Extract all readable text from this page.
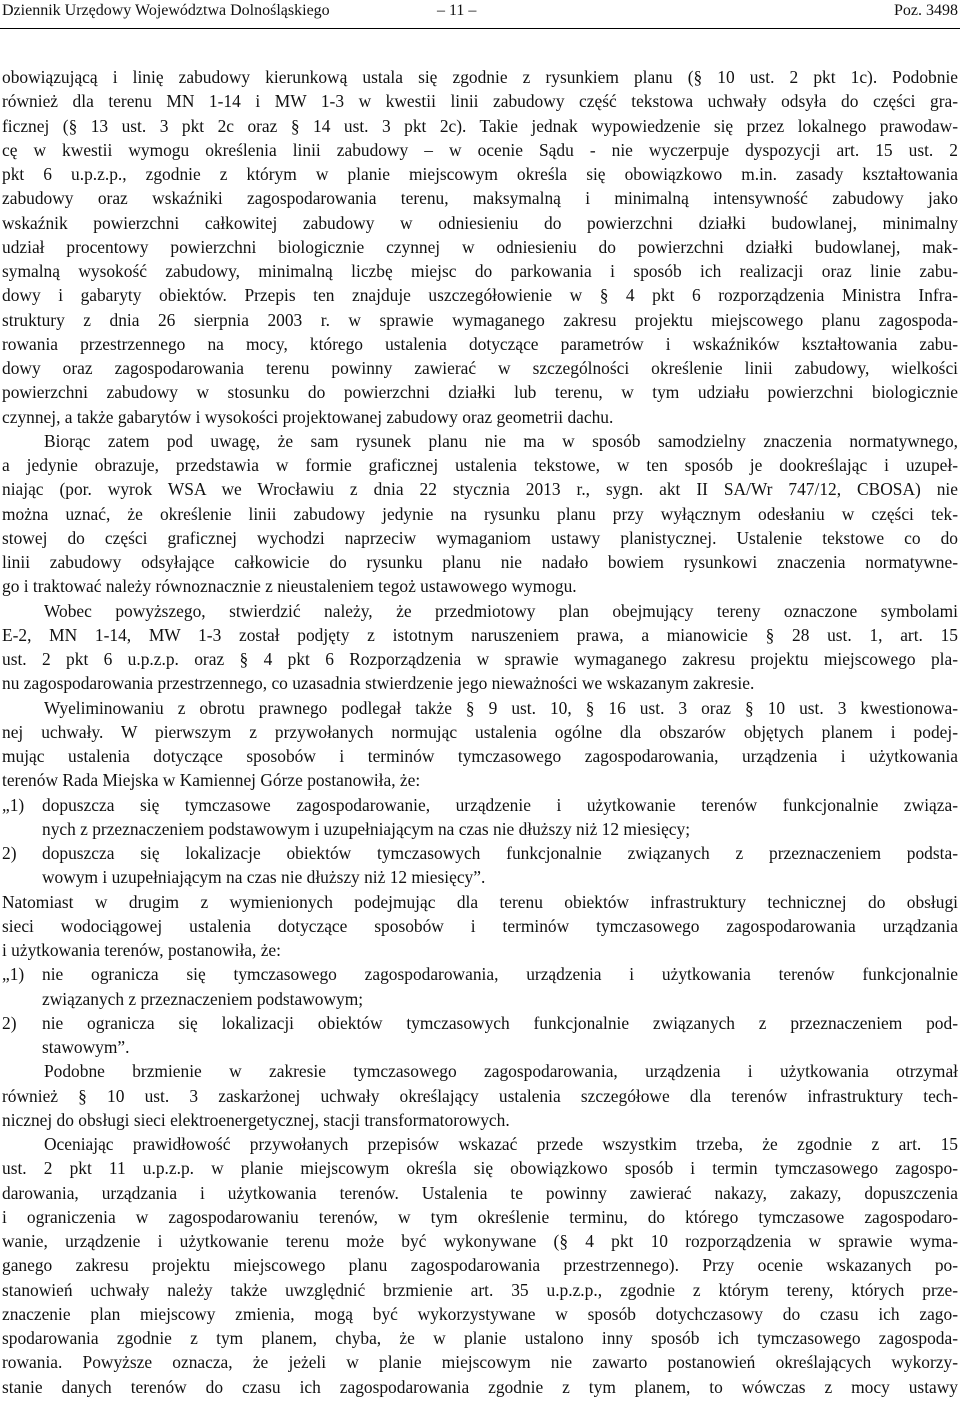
Dziennik Urzędowy Województwa Dolnośląskiego	– 11 –	Poz. 3498

obowiązującą i linię zabudowy kierunkową ustala się zgodnie z rysunkiem planu (§ 10 ust. 2 pkt 1c). Podobnie

również dla terenu MN 1-14 i MW 1-3 w kwestii linii zabudowy część tekstowa uchwały odsyła do części gra-

ficznej (§ 13 ust. 3 pkt 2c oraz § 14 ust. 3 pkt 2c). Takie jednak wypowiedzenie się przez lokalnego prawodaw-

cę w kwestii wymogu określenia linii zabudowy – w ocenie Sądu - nie wyczerpuje dyspozycji art. 15 ust. 2

pkt 6 u.p.z.p., zgodnie z którym w planie miejscowym określa się obowiązkowo m.in. zasady kształtowania

zabudowy oraz wskaźniki zagospodarowania terenu, maksymalną i minimalną intensywność zabudowy jako

wskaźnik powierzchni całkowitej zabudowy w odniesieniu do powierzchni działki budowlanej, minimalny

udział procentowy powierzchni biologicznie czynnej w odniesieniu do powierzchni działki budowlanej, mak-

symalną wysokość zabudowy, minimalną liczbę miejsc do parkowania i sposób ich realizacji oraz linie zabu-

dowy i gabaryty obiektów. Przepis ten znajduje uszczegółowienie w § 4 pkt 6 rozporządzenia Ministra Infra-

struktury z dnia 26 sierpnia 2003 r. w sprawie wymaganego zakresu projektu miejscowego planu zagospoda-

rowania przestrzennego na mocy, którego ustalenia dotyczące parametrów i wskaźników kształtowania zabu-

dowy oraz zagospodarowania terenu powinny zawierać w szczególności określenie linii zabudowy, wielkości

powierzchni zabudowy w stosunku do powierzchni działki lub terenu, w tym udziału powierzchni biologicznie

czynnej, a także gabarytów i wysokości projektowanej zabudowy oraz geometrii dachu.

Biorąc zatem pod uwagę, że sam rysunek planu nie ma w sposób samodzielny znaczenia normatywnego,

a jedynie obrazuje, przedstawia w formie graficznej ustalenia tekstowe, w ten sposób je dookreślając i uzupeł-

niając (por. wyrok WSA we Wrocławiu z dnia 22 stycznia 2013 r., sygn. akt II SA/Wr 747/12, CBOSA) nie

można uznać, że określenie linii zabudowy jedynie na rysunku planu przy wyłącznym odesłaniu w części tek-

stowej do części graficznej wychodzi naprzeciw wymaganiom ustawy planistycznej. Ustalenie tekstowe co do

linii zabudowy odsyłające całkowicie do rysunku planu nie nadało bowiem rysunkowi znaczenia normatywne-

go i traktować należy równoznacznie z nieustaleniem tegoż ustawowego wymogu.

Wobec powyższego, stwierdzić należy, że przedmiotowy plan obejmujący tereny oznaczone symbolami

E-2, MN 1-14, MW 1-3 został podjęty z istotnym naruszeniem prawa, a mianowicie § 28 ust. 1, art. 15

ust. 2 pkt 6 u.p.z.p. oraz § 4 pkt 6 Rozporządzenia w sprawie wymaganego zakresu projektu miejscowego pla-

nu zagospodarowania przestrzennego, co uzasadnia stwierdzenie jego nieważności we wskazanym zakresie.

Wyeliminowaniu z obrotu prawnego podlegał także § 9 ust. 10, § 16 ust. 3 oraz § 10 ust. 3 kwestionowa-

nej uchwały. W pierwszym z przywołanych normując ustalenia ogólne dla obszarów objętych planem i podej-

mując ustalenia dotyczące sposobów i terminów tymczasowego zagospodarowania, urządzenia i użytkowania

terenów Rada Miejska w Kamiennej Górze postanowiła, że:

„1) dopuszcza się tymczasowe zagospodarowanie, urządzenie i użytkowanie terenów funkcjonalnie związa-

nych z przeznaczeniem podstawowym i uzupełniającym na czas nie dłuższy niż 12 miesięcy;

2) dopuszcza się lokalizacje obiektów tymczasowych funkcjonalnie związanych z przeznaczeniem podsta-

wowym i uzupełniającym na czas nie dłuższy niż 12 miesięcy”.

Natomiast w drugim z wymienionych podejmując dla terenu obiektów infrastruktury technicznej do obsługi

sieci wodociągowej ustalenia dotyczące sposobów i terminów tymczasowego zagospodarowania urządzania

i użytkowania terenów, postanowiła, że:

„1) nie ogranicza się tymczasowego zagospodarowania, urządzenia i użytkowania terenów funkcjonalnie

związanych z przeznaczeniem podstawowym;

2) nie ogranicza się lokalizacji obiektów tymczasowych funkcjonalnie związanych z przeznaczeniem pod-

stawowym”.

Podobne brzmienie w zakresie tymczasowego zagospodarowania, urządzenia i użytkowania otrzymał

również § 10 ust. 3 zaskarżonej uchwały określający ustalenia szczegółowe dla terenów infrastruktury tech-

nicznej do obsługi sieci elektroenergetycznej, stacji transformatorowych.

Oceniając prawidłowość przywołanych przepisów wskazać przede wszystkim trzeba, że zgodnie z art. 15

ust. 2 pkt 11 u.p.z.p. w planie miejscowym określa się obowiązkowo sposób i termin tymczasowego zagospo-

darowania, urządzania i użytkowania terenów. Ustalenia te powinny zawierać nakazy, zakazy, dopuszczenia

i ograniczenia w zagospodarowaniu terenów, w tym określenie terminu, do którego tymczasowe zagospodaro-

wanie, urządzenie i użytkowanie terenu może być wykonywane (§ 4 pkt 10 rozporządzenia w sprawie wyma-

ganego zakresu projektu miejscowego planu zagospodarowania przestrzennego). Przy ocenie wskazanych po-

stanowień uchwały należy także uwzględnić brzmienie art. 35 u.p.z.p., zgodnie z którym tereny, których prze-

znaczenie plan miejscowy zmienia, mogą być wykorzystywane w sposób dotychczasowy do czasu ich zago-

spodarowania zgodnie z tym planem, chyba, że w planie ustalono inny sposób ich tymczasowego zagospoda-

rowania. Powyższe oznacza, że jeżeli w planie miejscowym nie zawarto postanowień określających wykorzy-

stanie danych terenów do czasu ich zagospodarowania zgodnie z tym planem, to wówczas z mocy ustawy
